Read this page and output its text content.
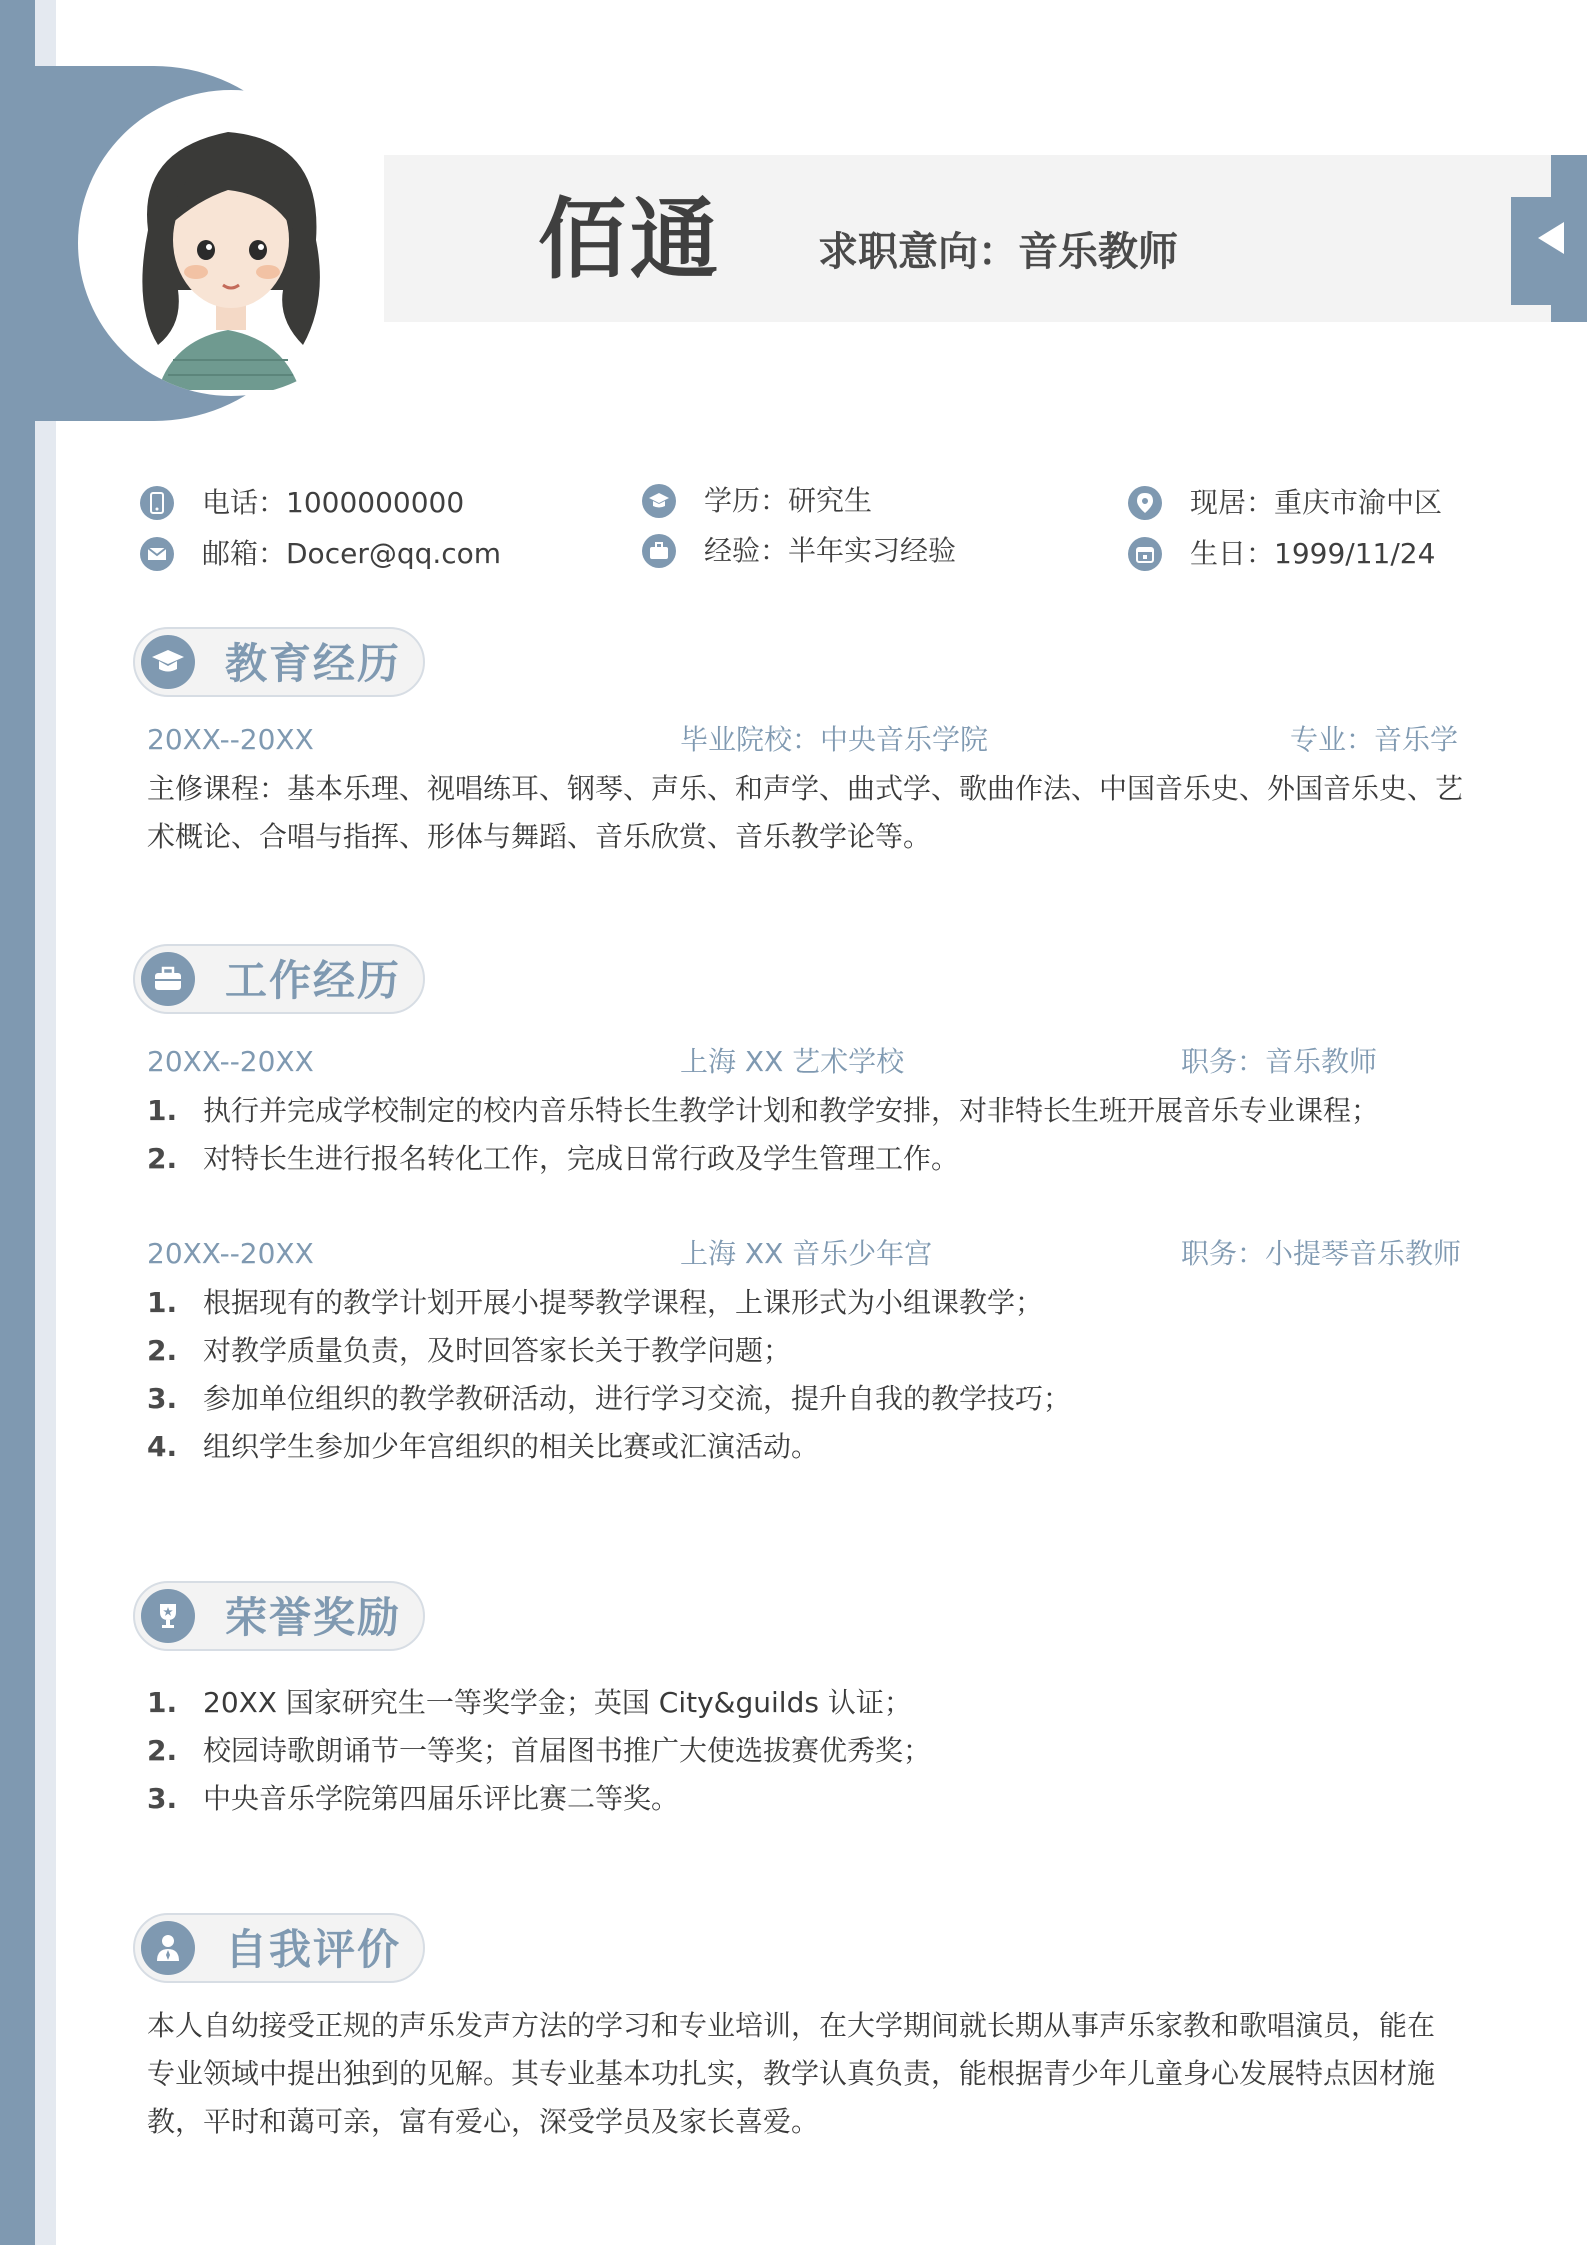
佰通 求职意向：音乐教师
电话：1000000000
邮箱：Docer@qq.com
学历：研究生
经验：半年实习经验
现居：重庆市渝中区
生日：1999/11/24
教育经历
20XX--20XX	毕业院校：中央音乐学院	专业：音乐学

主修课程：基本乐理、视唱练耳、钢琴、声乐、和声学、曲式学、歌曲作法、中国音乐史、外国音乐史、艺术概论、合唱与指挥、形体与舞蹈、音乐欣赏、音乐教学论等。

工作经历
20XX--20XX	上海 XX 艺术学校	职务：音乐教师
1. 执行并完成学校制定的校内音乐特长生教学计划和教学安排，对非特长生班开展音乐专业课程；
2. 对特长生进行报名转化工作，完成日常行政及学生管理工作。
20XX--20XX	上海 XX 音乐少年宫	职务：小提琴音乐教师
1. 根据现有的教学计划开展小提琴教学课程，上课形式为小组课教学；
2. 对教学质量负责，及时回答家长关于教学问题；
3. 参加单位组织的教学教研活动，进行学习交流，提升自我的教学技巧；
4. 组织学生参加少年宫组织的相关比赛或汇演活动。
荣誉奖励
1. 20XX 国家研究生一等奖学金；英国 City&guilds 认证；
2. 校园诗歌朗诵节一等奖；首届图书推广大使选拔赛优秀奖；
3. 中央音乐学院第四届乐评比赛二等奖。
自我评价

本人自幼接受正规的声乐发声方法的学习和专业培训，在大学期间就长期从事声乐家教和歌唱演员，能在专业领域中提出独到的见解。其专业基本功扎实，教学认真负责，能根据青少年儿童身心发展特点因材施教，平时和蔼可亲，富有爱心，深受学员及家长喜爱。
